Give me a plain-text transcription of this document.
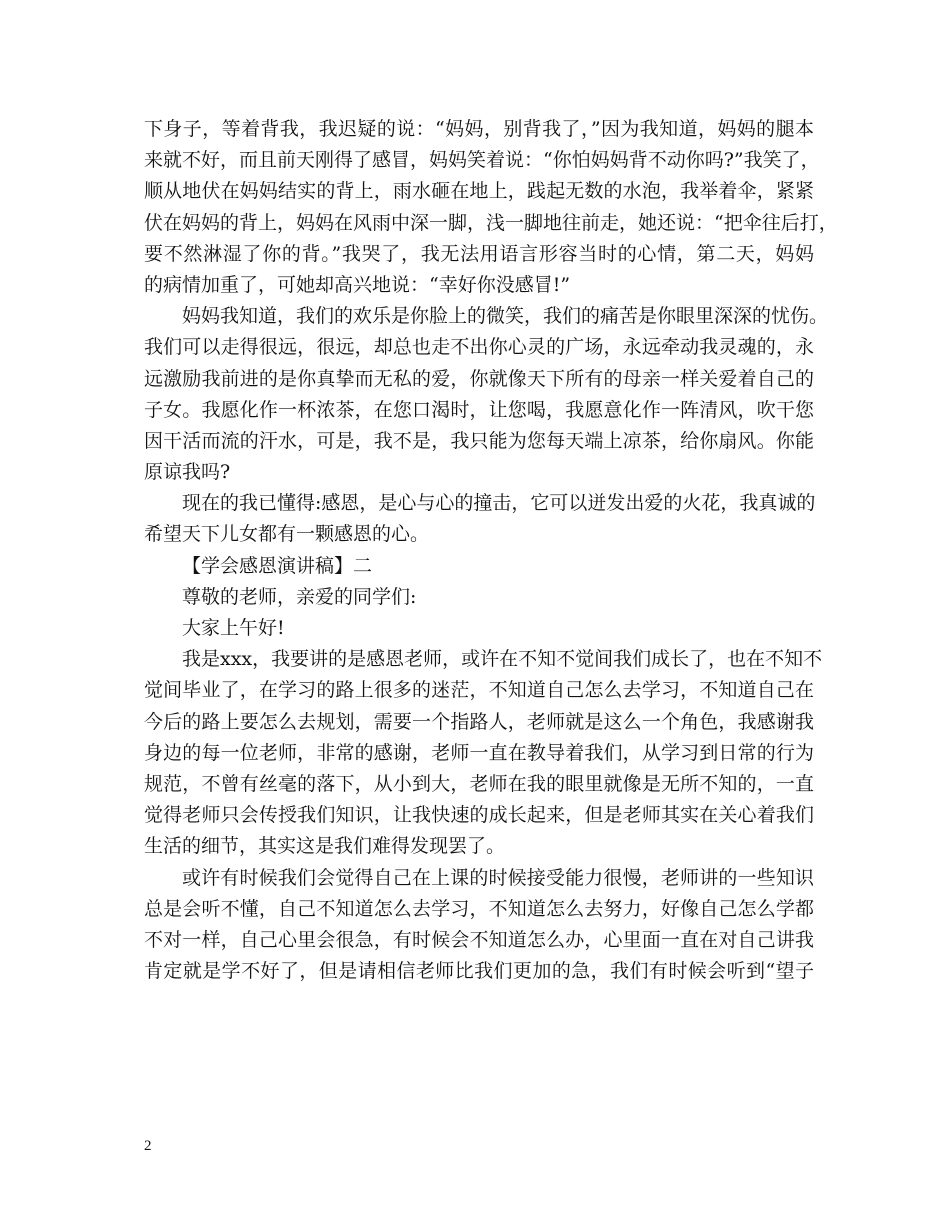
下身子，等着背我，我迟疑的说：“妈妈，别背我了，”因为我知道，妈妈的腿本
来就不好，而且前天刚得了感冒，妈妈笑着说：“你怕妈妈背不动你吗?”我笑了，
顺从地伏在妈妈结实的背上，雨水砸在地上，践起无数的水泡，我举着伞，紧紧
伏在妈妈的背上，妈妈在风雨中深一脚，浅一脚地往前走，她还说：“把伞往后打，
要不然淋湿了你的背。”我哭了，我无法用语言形容当时的心情，第二天，妈妈
的病情加重了，可她却高兴地说：“幸好你没感冒!”
妈妈我知道，我们的欢乐是你脸上的微笑，我们的痛苦是你眼里深深的忧伤。
我们可以走得很远，很远，却总也走不出你心灵的广场，永远牵动我灵魂的，永
远激励我前进的是你真挚而无私的爱，你就像天下所有的母亲一样关爱着自己的
子女。我愿化作一杯浓茶，在您口渴时，让您喝，我愿意化作一阵清风，吹干您
因干活而流的汗水，可是，我不是，我只能为您每天端上凉茶，给你扇风。你能
原谅我吗?
现在的我已懂得:感恩，是心与心的撞击，它可以迸发出爱的火花，我真诚的
希望天下儿女都有一颗感恩的心。
【学会感恩演讲稿】二
尊敬的老师，亲爱的同学们:
大家上午好!
我是xxx，我要讲的是感恩老师，或许在不知不觉间我们成长了，也在不知不
觉间毕业了，在学习的路上很多的迷茫，不知道自己怎么去学习，不知道自己在
今后的路上要怎么去规划，需要一个指路人，老师就是这么一个角色，我感谢我
身边的每一位老师，非常的感谢，老师一直在教导着我们，从学习到日常的行为
规范，不曾有丝毫的落下，从小到大，老师在我的眼里就像是无所不知的，一直
觉得老师只会传授我们知识，让我快速的成长起来，但是老师其实在关心着我们
生活的细节，其实这是我们难得发现罢了。
或许有时候我们会觉得自己在上课的时候接受能力很慢，老师讲的一些知识
总是会听不懂，自己不知道怎么去学习，不知道怎么去努力，好像自己怎么学都
不对一样，自己心里会很急，有时候会不知道怎么办，心里面一直在对自己讲我
肯定就是学不好了，但是请相信老师比我们更加的急，我们有时候会听到“望子
2
